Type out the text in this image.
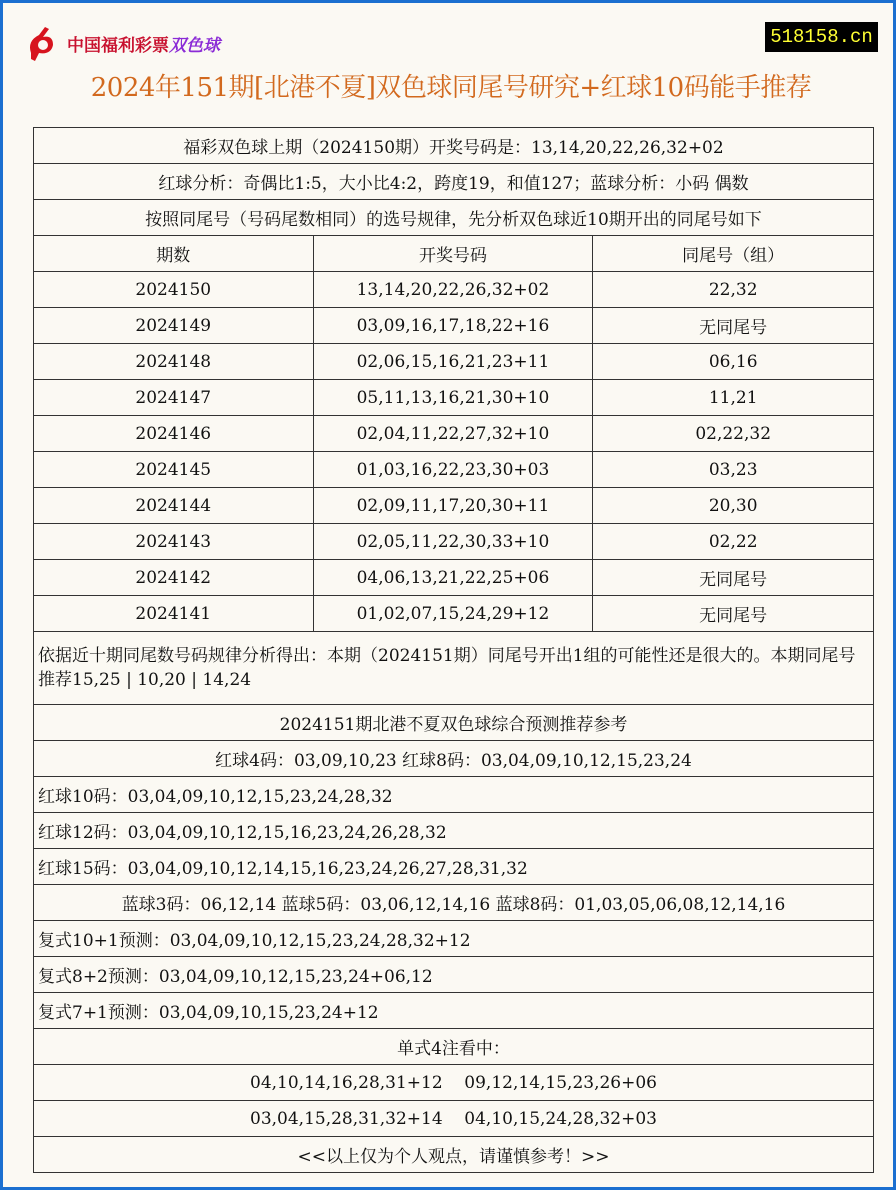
中国福利彩票 双色球	518158.cn
2024年151期[北港不夏]双色球同尾号研究+红球10码能手推荐
福彩双色球上期（2024150期）开奖号码是：13,14,20,22,26,32+02		
红球分析：奇偶比1:5，大小比4:2，跨度19，和值127；蓝球分析：小码 偶数		
按照同尾号（号码尾数相同）的选号规律，先分析双色球近10期开出的同尾号如下		
期数	开奖号码	同尾号（组）
2024150	13,14,20,22,26,32+02	22,32
2024149	03,09,16,17,18,22+16	无同尾号
2024148	02,06,15,16,21,23+11	06,16
2024147	05,11,13,16,21,30+10	11,21
2024146	02,04,11,22,27,32+10	02,22,32
2024145	01,03,16,22,23,30+03	03,23
2024144	02,09,11,17,20,30+11	20,30
2024143	02,05,11,22,30,33+10	02,22
2024142	04,06,13,21,22,25+06	无同尾号
2024141	01,02,07,15,24,29+12	无同尾号
依据近十期同尾数号码规律分析得出：本期（2024151期）同尾号开出1组的可能性还是很大的。本期同尾号推荐15,25 | 10,20 | 14,24		
2024151期北港不夏双色球综合预测推荐参考		
红球4码：03,09,10,23 红球8码：03,04,09,10,12,15,23,24		
红球10码：03,04,09,10,12,15,23,24,28,32		
红球12码：03,04,09,10,12,15,16,23,24,26,28,32		
红球15码：03,04,09,10,12,14,15,16,23,24,26,27,28,31,32		
蓝球3码：06,12,14 蓝球5码：03,06,12,14,16 蓝球8码：01,03,05,06,08,12,14,16		
复式10+1预测：03,04,09,10,12,15,23,24,28,32+12		
复式8+2预测：03,04,09,10,12,15,23,24+06,12		
复式7+1预测：03,04,09,10,15,23,24+12		
单式4注看中：		
04,10,14,16,28,31+12    09,12,14,15,23,26+06		
03,04,15,28,31,32+14    04,10,15,24,28,32+03		
<<以上仅为个人观点，请谨慎参考！>>		
